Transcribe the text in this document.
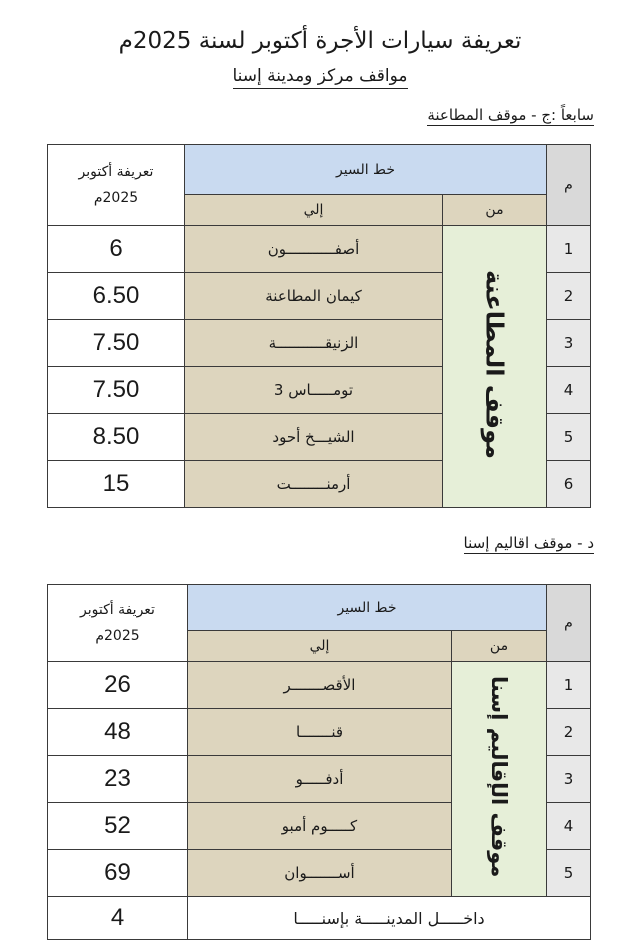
تعريفة سيارات الأجرة أكتوبر لسنة 2025م
مواقف مركز ومدينة إسنا
سابعاً :ج - موقف المطاعنة
تعريفة أكتوبر
2025م	خط السير		م
	إلي	من	
6	أصفـــــــــــون	موقف المطاعنة	1
6.50	كيمان المطاعنة		2
7.50	الزنيقـــــــــــة		3
7.50	تومـــــاس 3		4
8.50	الشيـــخ أحود		5
15	أرمنــــــــت		6
د - موقف اقاليم إسنا
تعريفة أكتوبر
2025م	خط السير		م
	إلي	من	
26	الأقصـــــــر	موقف الإقاليم إسنا	1
48	قنـــــــا		2
23	أدفـــــو		3
52	كـــــوم أمبو		4
69	أســـــــوان		5
4	داخـــــل المدينـــــة بإسنـــــا		
